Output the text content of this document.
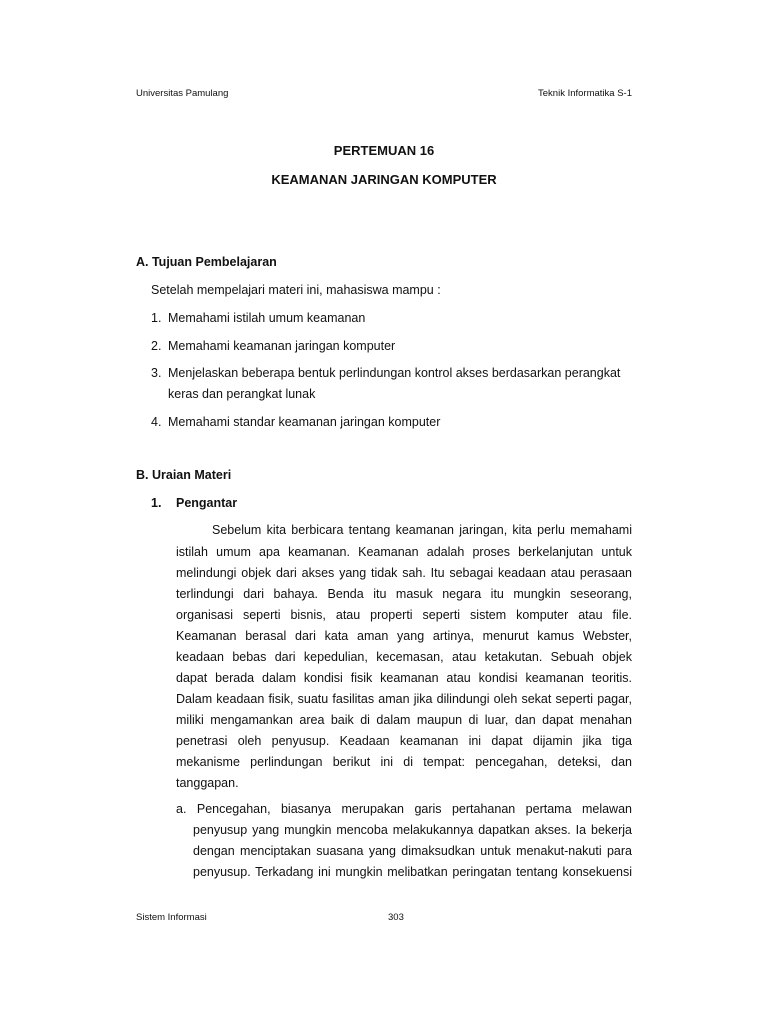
Universitas Pamulang	Teknik Informatika S-1
PERTEMUAN 16
KEAMANAN JARINGAN KOMPUTER
A. Tujuan Pembelajaran
Setelah mempelajari materi ini, mahasiswa mampu :
1. Memahami istilah umum keamanan
2. Memahami keamanan jaringan komputer
3. Menjelaskan beberapa bentuk perlindungan kontrol akses berdasarkan perangkat
keras dan perangkat lunak
4. Memahami standar keamanan jaringan komputer
B. Uraian Materi
1. Pengantar
Sebelum kita berbicara tentang keamanan jaringan, kita perlu memahami
istilah umum apa keamanan. Keamanan adalah proses berkelanjutan untuk
melindungi objek dari akses yang tidak sah. Itu sebagai keadaan atau perasaan
terlindungi dari bahaya. Benda itu masuk negara itu mungkin seseorang,
organisasi seperti bisnis, atau properti seperti sistem komputer atau file.
Keamanan berasal dari kata aman yang artinya, menurut kamus Webster,
keadaan bebas dari kepedulian, kecemasan, atau ketakutan. Sebuah objek
dapat berada dalam kondisi fisik keamanan atau kondisi keamanan teoritis.
Dalam keadaan fisik, suatu fasilitas aman jika dilindungi oleh sekat seperti pagar,
miliki mengamankan area baik di dalam maupun di luar, dan dapat menahan
penetrasi oleh penyusup. Keadaan keamanan ini dapat dijamin jika tiga
mekanisme perlindungan berikut ini di tempat: pencegahan, deteksi, dan
tanggapan.
a. Pencegahan, biasanya merupakan garis pertahanan pertama melawan
penyusup yang mungkin mencoba melakukannya dapatkan akses. Ia bekerja
dengan menciptakan suasana yang dimaksudkan untuk menakut-nakuti para
penyusup. Terkadang ini mungkin melibatkan peringatan tentang konsekuensi
Sistem Informasi	303
